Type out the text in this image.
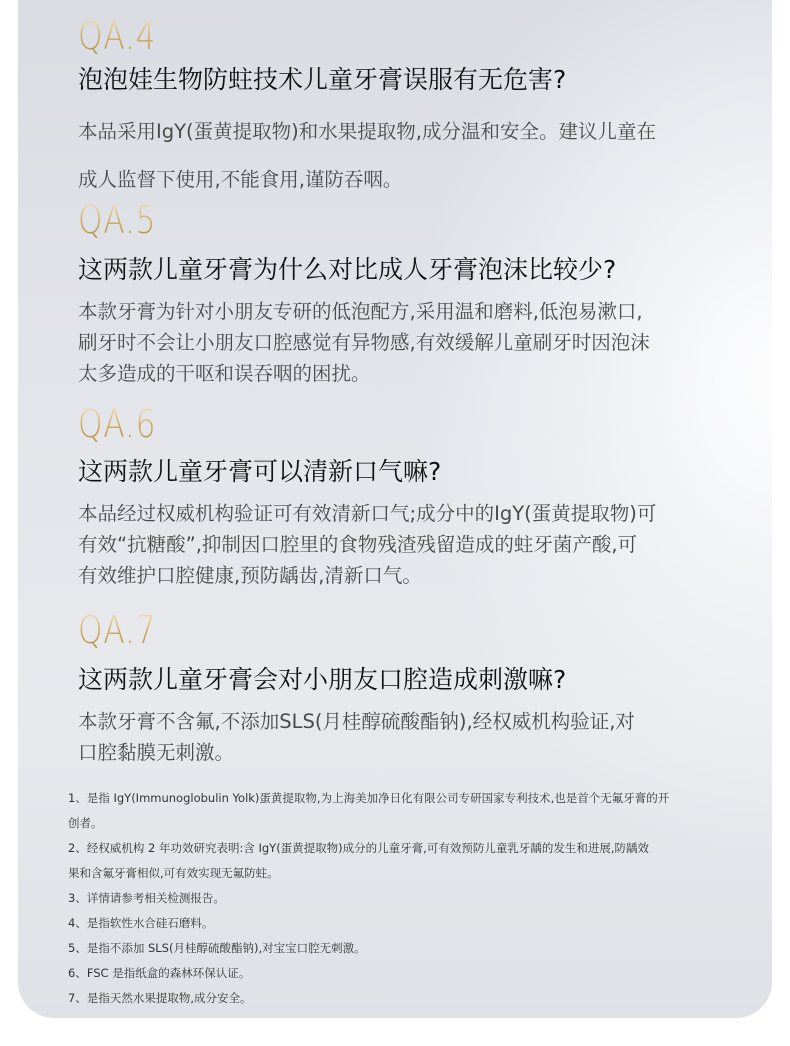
QA.4
泡泡娃生物防蛀技术儿童牙膏误服有无危害?
本品采用IgY(蛋黄提取物)和水果提取物,成分温和安全。建议儿童在
成人监督下使用,不能食用,谨防吞咽。
QA.5
这两款儿童牙膏为什么对比成人牙膏泡沫比较少?
本款牙膏为针对小朋友专研的低泡配方,采用温和磨料,低泡易漱口,
刷牙时不会让小朋友口腔感觉有异物感,有效缓解儿童刷牙时因泡沫
太多造成的干呕和误吞咽的困扰。
QA.6
这两款儿童牙膏可以清新口气嘛?
本品经过权威机构验证可有效清新口气;成分中的IgY(蛋黄提取物)可
有效“抗糖酸”,抑制因口腔里的食物残渣残留造成的蛀牙菌产酸,可
有效维护口腔健康,预防龋齿,清新口气。
QA.7
这两款儿童牙膏会对小朋友口腔造成刺激嘛?
本款牙膏不含氟,不添加SLS(月桂醇硫酸酯钠),经权威机构验证,对
口腔黏膜无刺激。
1、是指 IgY(Immunoglobulin Yolk)蛋黄提取物,为上海美加净日化有限公司专研国家专利技术,也是首个无氟牙膏的开
创者。
2、经权威机构 2 年功效研究表明:含 IgY(蛋黄提取物)成分的儿童牙膏,可有效预防儿童乳牙龋的发生和进展,防龋效
果和含氟牙膏相似,可有效实现无氟防蛀。
3、详情请参考相关检测报告。
4、是指软性水合硅石磨料。
5、是指不添加 SLS(月桂醇硫酸酯钠),对宝宝口腔无刺激。
6、FSC 是指纸盒的森林环保认证。
7、是指天然水果提取物,成分安全。
